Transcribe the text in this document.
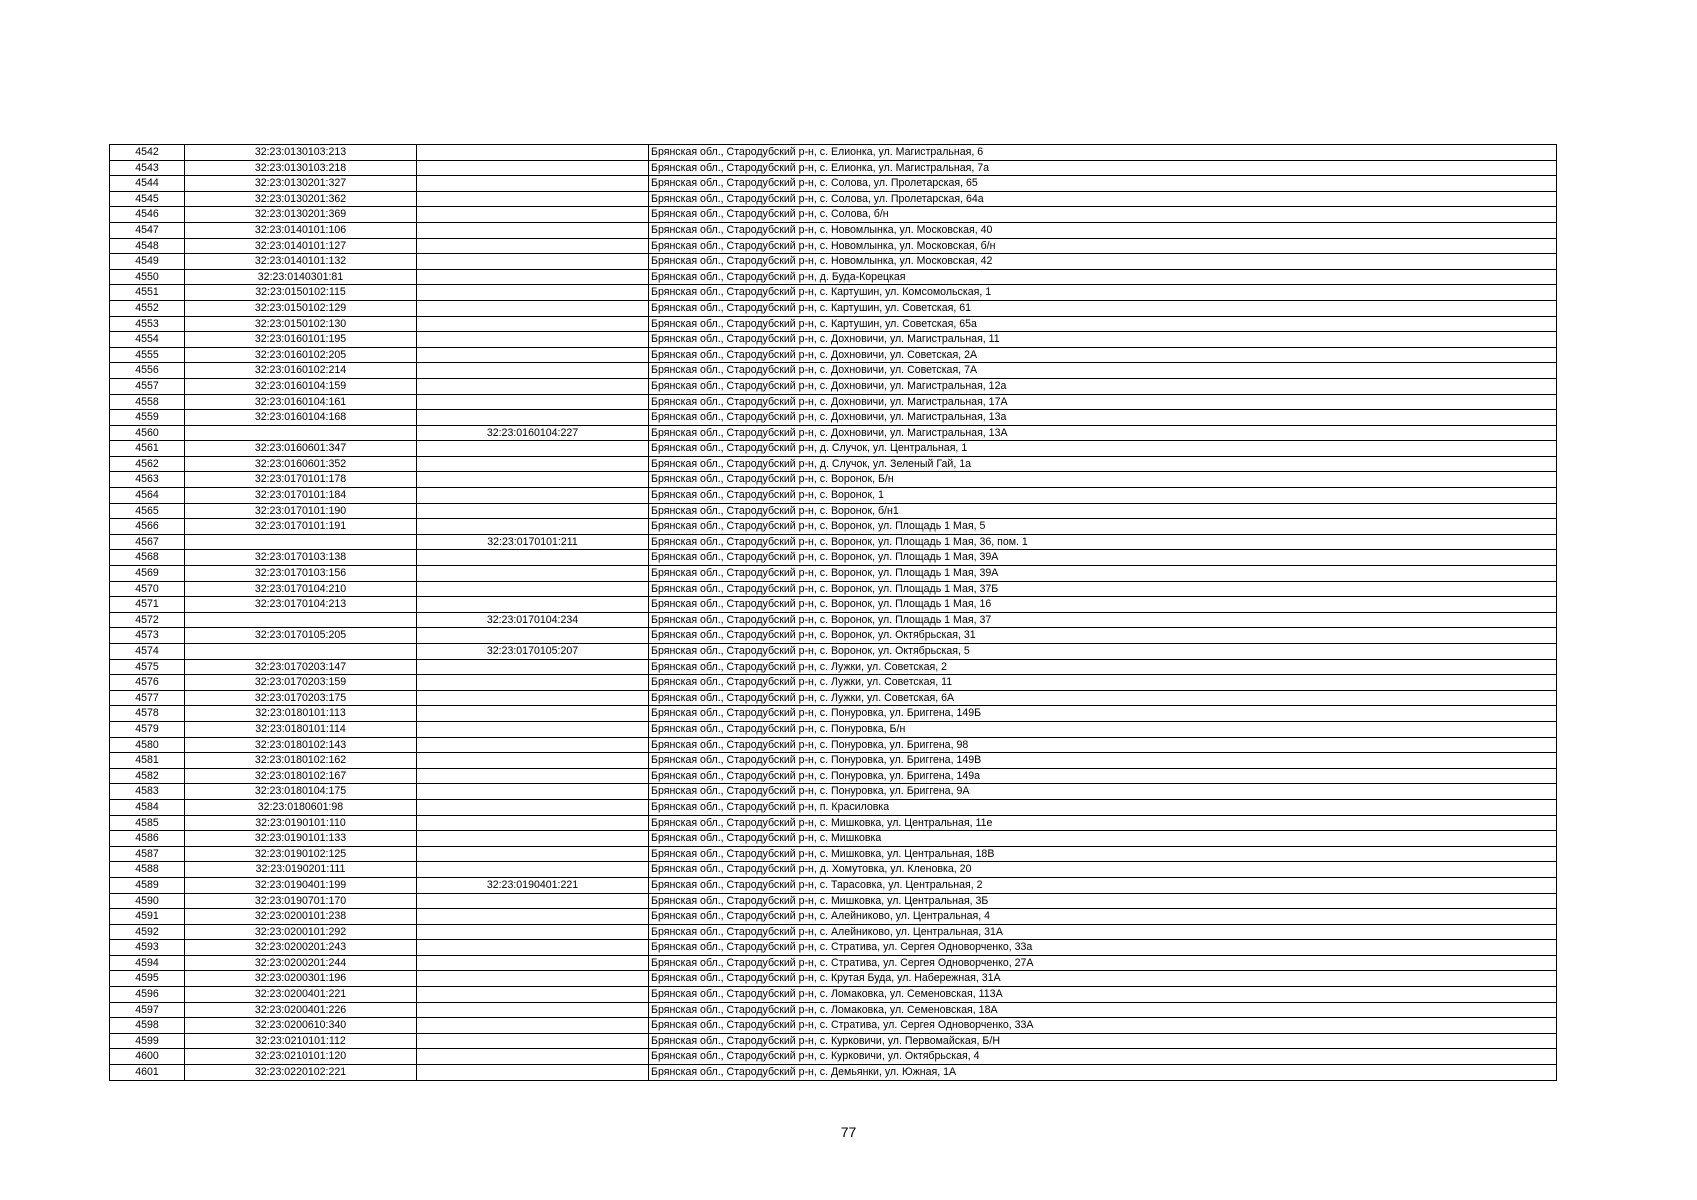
4542	32:23:0130103:213		Брянская обл., Стародубский р-н, с. Елионка, ул. Магистральная, 6
4543	32:23:0130103:218		Брянская обл., Стародубский р-н, с. Елионка, ул. Магистральная, 7а
4544	32:23:0130201:327		Брянская обл., Стародубский р-н, с. Солова, ул. Пролетарская, 65
4545	32:23:0130201:362		Брянская обл., Стародубский р-н, с. Солова, ул. Пролетарская, 64а
4546	32:23:0130201:369		Брянская обл., Стародубский р-н, с. Солова, б/н
4547	32:23:0140101:106		Брянская обл., Стародубский р-н, с. Новомлынка, ул. Московская, 40
4548	32:23:0140101:127		Брянская обл., Стародубский р-н, с. Новомлынка, ул. Московская, б/н
4549	32:23:0140101:132		Брянская обл., Стародубский р-н, с. Новомлынка, ул. Московская, 42
4550	32:23:0140301:81		Брянская обл., Стародубский р-н, д. Буда-Корецкая
4551	32:23:0150102:115		Брянская обл., Стародубский р-н, с. Картушин, ул. Комсомольская, 1
4552	32:23:0150102:129		Брянская обл., Стародубский р-н, с. Картушин, ул. Советская, 61
4553	32:23:0150102:130		Брянская обл., Стародубский р-н, с. Картушин, ул. Советская, 65а
4554	32:23:0160101:195		Брянская обл., Стародубский р-н, с. Дохновичи, ул. Магистральная, 11
4555	32:23:0160102:205		Брянская обл., Стародубский р-н, с. Дохновичи, ул. Советская, 2А
4556	32:23:0160102:214		Брянская обл., Стародубский р-н, с. Дохновичи, ул. Советская, 7А
4557	32:23:0160104:159		Брянская обл., Стародубский р-н, с. Дохновичи, ул. Магистральная, 12а
4558	32:23:0160104:161		Брянская обл., Стародубский р-н, с. Дохновичи, ул. Магистральная, 17А
4559	32:23:0160104:168		Брянская обл., Стародубский р-н, с. Дохновичи, ул. Магистральная, 13а
4560		32:23:0160104:227	Брянская обл., Стародубский р-н, с. Дохновичи, ул. Магистральная, 13А
4561	32:23:0160601:347		Брянская обл., Стародубский р-н, д. Случок, ул. Центральная, 1
4562	32:23:0160601:352		Брянская обл., Стародубский р-н, д. Случок, ул. Зеленый Гай, 1а
4563	32:23:0170101:178		Брянская обл., Стародубский р-н, с. Воронок, Б/н
4564	32:23:0170101:184		Брянская обл., Стародубский р-н, с. Воронок, 1
4565	32:23:0170101:190		Брянская обл., Стародубский р-н, с. Воронок, б/н1
4566	32:23:0170101:191		Брянская обл., Стародубский р-н, с. Воронок, ул. Площадь 1 Мая, 5
4567		32:23:0170101:211	Брянская обл., Стародубский р-н, с. Воронок, ул. Площадь 1 Мая, 36, пом. 1
4568	32:23:0170103:138		Брянская обл., Стародубский р-н, с. Воронок, ул. Площадь 1 Мая, 39А
4569	32:23:0170103:156		Брянская обл., Стародубский р-н, с. Воронок, ул. Площадь 1 Мая, 39А
4570	32:23:0170104:210		Брянская обл., Стародубский р-н, с. Воронок, ул. Площадь 1 Мая, 37Б
4571	32:23:0170104:213		Брянская обл., Стародубский р-н, с. Воронок, ул. Площадь 1 Мая, 16
4572		32:23:0170104:234	Брянская обл., Стародубский р-н, с. Воронок, ул. Площадь 1 Мая, 37
4573	32:23:0170105:205		Брянская обл., Стародубский р-н, с. Воронок, ул. Октябрьская, 31
4574		32:23:0170105:207	Брянская обл., Стародубский р-н, с. Воронок, ул. Октябрьская, 5
4575	32:23:0170203:147		Брянская обл., Стародубский р-н, с. Лужки, ул. Советская, 2
4576	32:23:0170203:159		Брянская обл., Стародубский р-н, с. Лужки, ул. Советская, 11
4577	32:23:0170203:175		Брянская обл., Стародубский р-н, с. Лужки, ул. Советская, 6А
4578	32:23:0180101:113		Брянская обл., Стародубский р-н, с. Понуровка, ул. Бриггена, 149Б
4579	32:23:0180101:114		Брянская обл., Стародубский р-н, с. Понуровка, Б/н
4580	32:23:0180102:143		Брянская обл., Стародубский р-н, с. Понуровка, ул. Бриггена, 98
4581	32:23:0180102:162		Брянская обл., Стародубский р-н, с. Понуровка, ул. Бриггена, 149В
4582	32:23:0180102:167		Брянская обл., Стародубский р-н, с. Понуровка, ул. Бриггена, 149а
4583	32:23:0180104:175		Брянская обл., Стародубский р-н, с. Понуровка, ул. Бриггена, 9А
4584	32:23:0180601:98		Брянская обл., Стародубский р-н, п. Красиловка
4585	32:23:0190101:110		Брянская обл., Стародубский р-н, с. Мишковка, ул. Центральная, 11е
4586	32:23:0190101:133		Брянская обл., Стародубский р-н, с. Мишковка
4587	32:23:0190102:125		Брянская обл., Стародубский р-н, с. Мишковка, ул. Центральная, 18В
4588	32:23:0190201:111		Брянская обл., Стародубский р-н, д. Хомутовка, ул. Кленовка, 20
4589	32:23:0190401:199	32:23:0190401:221	Брянская обл., Стародубский р-н, с. Тарасовка, ул. Центральная, 2
4590	32:23:0190701:170		Брянская обл., Стародубский р-н, с. Мишковка, ул. Центральная, 3Б
4591	32:23:0200101:238		Брянская обл., Стародубский р-н, с. Алейниково, ул. Центральная, 4
4592	32:23:0200101:292		Брянская обл., Стародубский р-н, с. Алейниково, ул. Центральная, 31А
4593	32:23:0200201:243		Брянская обл., Стародубский р-н, с. Стратива, ул. Сергея Одноворченко, 33а
4594	32:23:0200201:244		Брянская обл., Стародубский р-н, с. Стратива, ул. Сергея Одноворченко, 27А
4595	32:23:0200301:196		Брянская обл., Стародубский р-н, с. Крутая Буда, ул. Набережная, 31А
4596	32:23:0200401:221		Брянская обл., Стародубский р-н, с. Ломаковка, ул. Семеновская, 113А
4597	32:23:0200401:226		Брянская обл., Стародубский р-н, с. Ломаковка, ул. Семеновская, 18А
4598	32:23:0200610:340		Брянская обл., Стародубский р-н, с. Стратива, ул. Сергея Одноворченко, 33А
4599	32:23:0210101:112		Брянская обл., Стародубский р-н, с. Курковичи, ул. Первомайская, Б/Н
4600	32:23:0210101:120		Брянская обл., Стародубский р-н, с. Курковичи, ул. Октябрьская, 4
4601	32:23:0220102:221		Брянская обл., Стародубский р-н, с. Демьянки, ул. Южная, 1А
77
